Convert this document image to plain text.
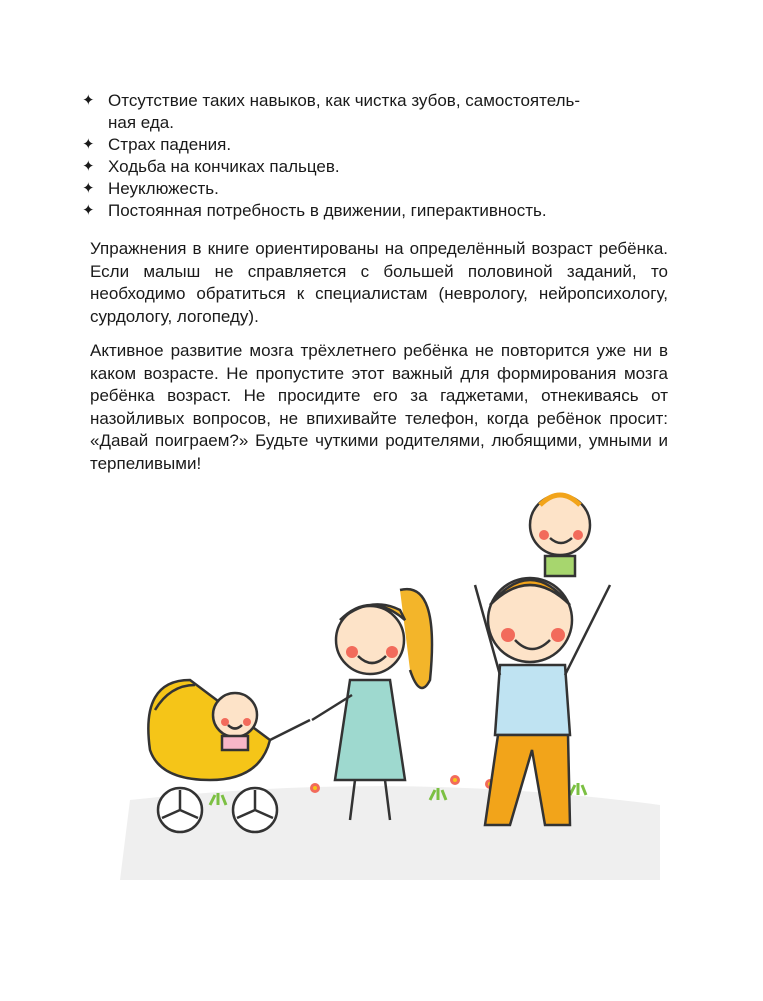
✦ Отсутствие таких навыков, как чистка зубов, самостоятель-
ная еда.
✦ Страх падения.
✦ Ходьба на кончиках пальцев.
✦ Неуклюжесть.
✦ Постоянная потребность в движении, гиперактивность.

Упражнения в книге ориентированы на определённый возраст ребёнка. Если малыш не справляется с большей половиной заданий, то необходимо обратиться к специалистам (неврологу, нейропсихологу, сурдологу, логопеду).

Активное развитие мозга трёхлетнего ребёнка не повторится уже ни в каком возрасте. Не пропустите этот важный для формирования мозга ребёнка возраст. Не просидите его за гаджетами, отнекиваясь от назойливых вопросов, не впихивайте телефон, когда ребёнок просит: «Давай поиграем?» Будьте чуткими родителями, любящими, умными и терпеливыми!
